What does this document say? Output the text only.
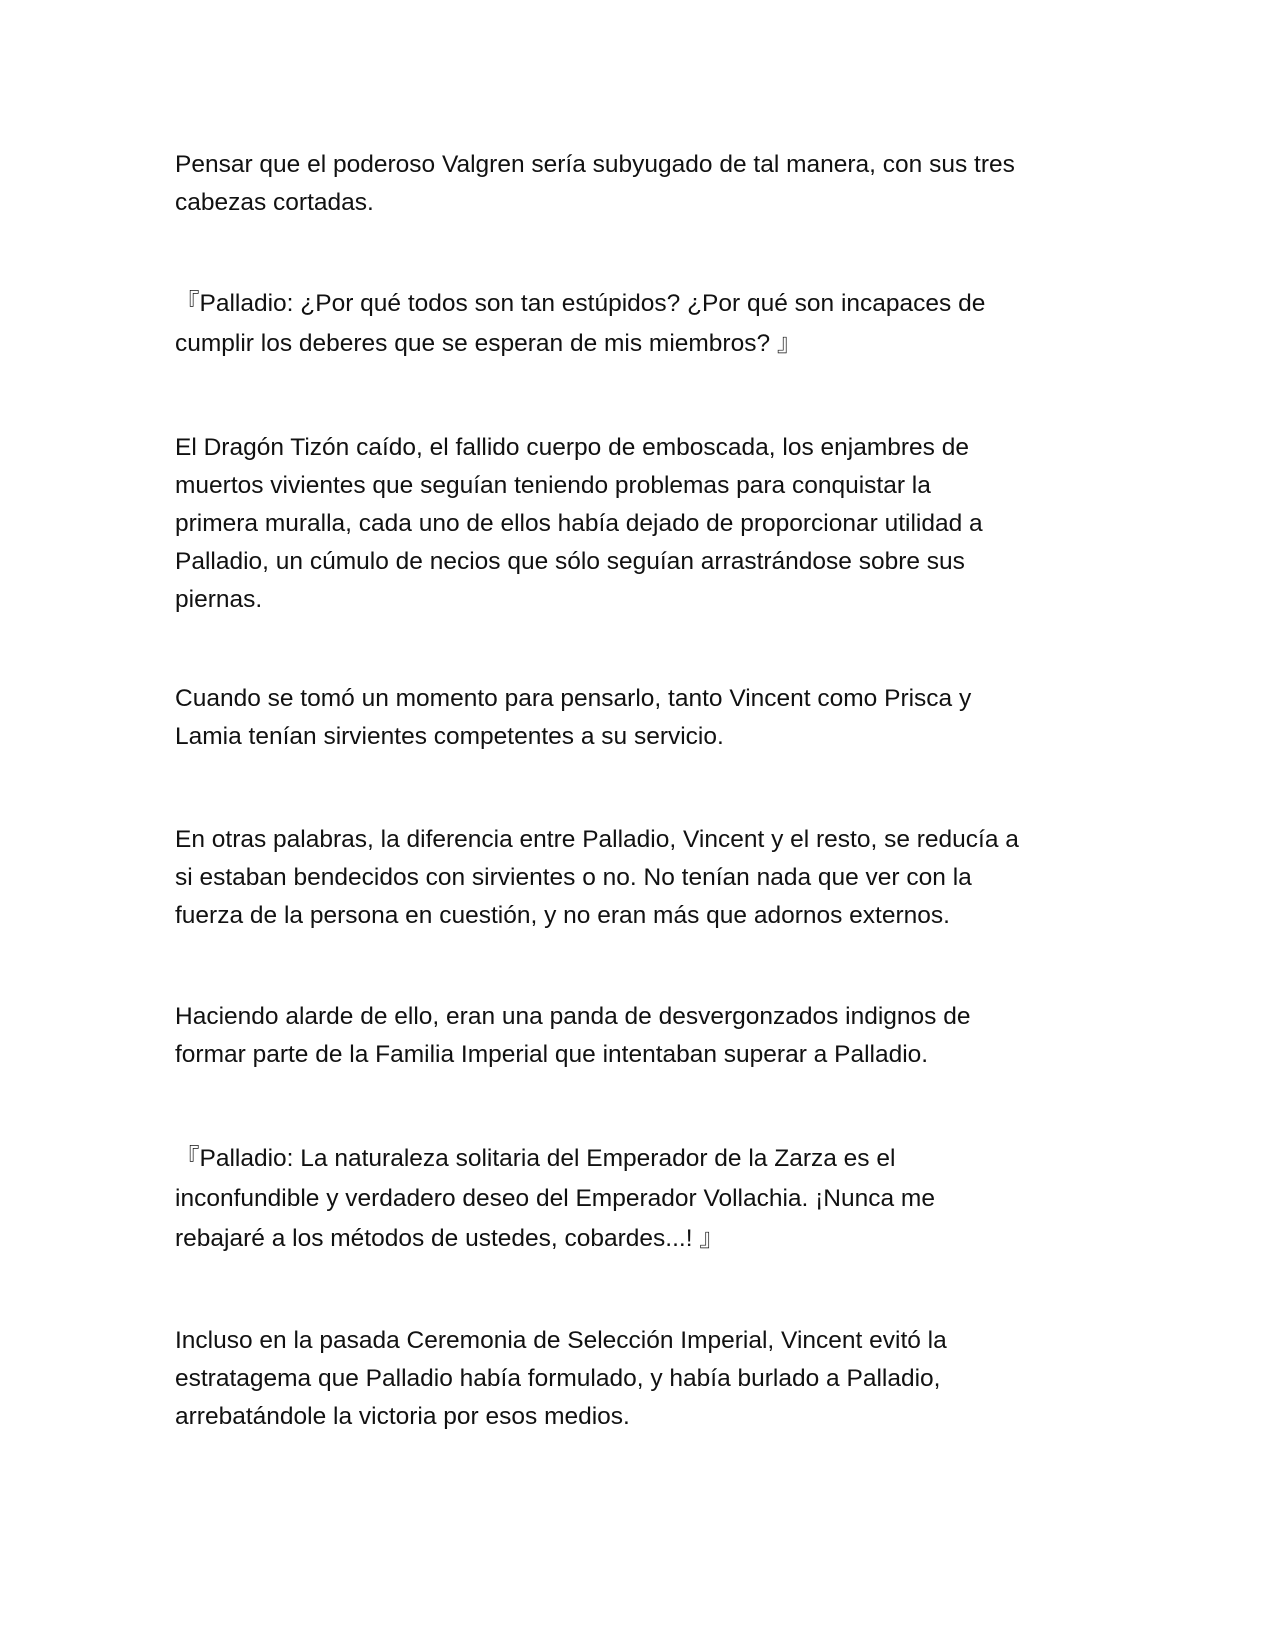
Pensar que el poderoso Valgren sería subyugado de tal manera, con sus tres
cabezas cortadas.

『Palladio: ¿Por qué todos son tan estúpidos? ¿Por qué son incapaces de
cumplir los deberes que se esperan de mis miembros? 』

El Dragón Tizón caído, el fallido cuerpo de emboscada, los enjambres de
muertos vivientes que seguían teniendo problemas para conquistar la
primera muralla, cada uno de ellos había dejado de proporcionar utilidad a
Palladio, un cúmulo de necios que sólo seguían arrastrándose sobre sus
piernas.

Cuando se tomó un momento para pensarlo, tanto Vincent como Prisca y
Lamia tenían sirvientes competentes a su servicio.

En otras palabras, la diferencia entre Palladio, Vincent y el resto, se reducía a
si estaban bendecidos con sirvientes o no. No tenían nada que ver con la
fuerza de la persona en cuestión, y no eran más que adornos externos.

Haciendo alarde de ello, eran una panda de desvergonzados indignos de
formar parte de la Familia Imperial que intentaban superar a Palladio.

『Palladio: La naturaleza solitaria del Emperador de la Zarza es el
inconfundible y verdadero deseo del Emperador Vollachia. ¡Nunca me
rebajaré a los métodos de ustedes, cobardes...! 』

Incluso en la pasada Ceremonia de Selección Imperial, Vincent evitó la
estratagema que Palladio había formulado, y había burlado a Palladio,
arrebatándole la victoria por esos medios.
